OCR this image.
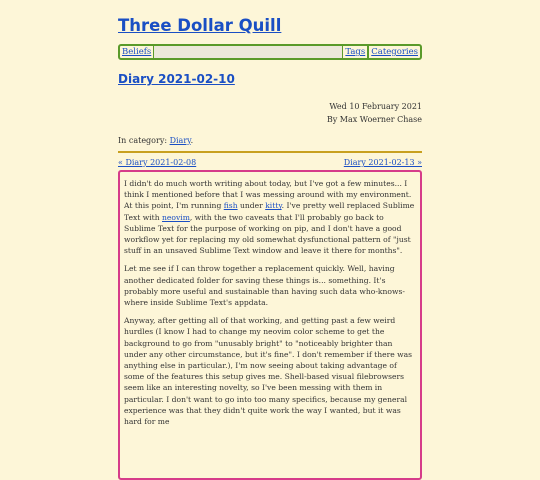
Three Dollar Quill
Beliefs	Tags Categories
Diary 2021-02-10
Wed 10 February 2021
By Max Woerner Chase
In category: Diary.
« Diary 2021-02-08	Diary 2021-02-13 »

I didn't do much worth writing about today, but I've got a few minutes... I think I mentioned before that I was messing around with my environment. At this point, I'm running fish under kitty. I've pretty well replaced Sublime Text with neovim, with the two caveats that I'll probably go back to Sublime Text for the purpose of working on pip, and I don't have a good workflow yet for replacing my old somewhat dysfunctional pattern of "just stuff in an unsaved Sublime Text window and leave it there for months".

Let me see if I can throw together a replacement quickly. Well, having another dedicated folder for saving these things is... something. It's probably more useful and sustainable than having such data who-knows-where inside Sublime Text's appdata.

Anyway, after getting all of that working, and getting past a few weird hurdles (I know I had to change my neovim color scheme to get the background to go from "unusably bright" to "noticeably brighter than under any other circumstance, but it's fine". I don't remember if there was anything else in particular.), I'm now seeing about taking advantage of some of the features this setup gives me. Shell-based visual filebrowsers seem like an interesting novelty, so I've been messing with them in particular. I don't want to go into too many specifics, because my general experience was that they didn't quite work the way I wanted, but it was hard for me
